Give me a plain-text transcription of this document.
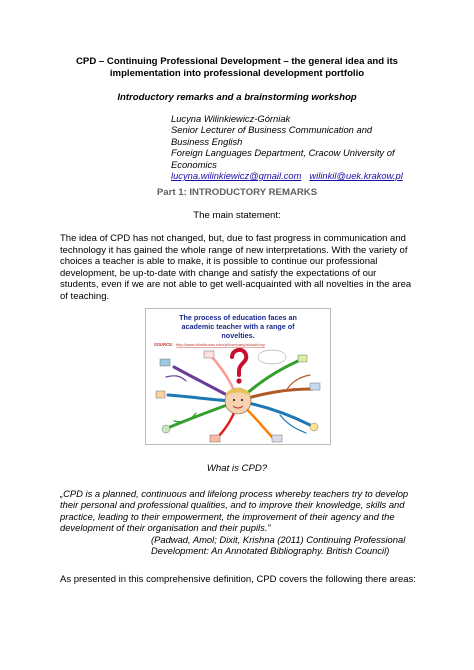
CPD – Continuing Professional Development – the general idea and its implementation into professional development portfolio
Introductory remarks and a brainstorming workshop
Lucyna Wilinkiewicz-Górniak
Senior Lecturer of Business Communication and Business English
Foreign Languages Department, Cracow University of Economics
lucyna.wilinkiewicz@gmail.com wilinkil@uek.krakow.pl
Part 1: INTRODUCTORY REMARKS
The main statement:
The idea of CPD has not changed, but, due to fast progress in communication and technology it has gained the whole range of new interpretations. With the variety of choices a teacher is able to make, it is possible to continue our professional development, be up-to-date with change and satisfy the expectations of our students, even if we are not able to get well-acquainted with all novelties in the area of teaching.
The process of education faces an
academic teacher with a range of
novelties.
SOURCE: http://www.thinkbuzan.com/pl/company/about/tony
What is CPD?
„CPD is a planned, continuous and lifelong process whereby teachers try to develop their personal and professional qualities, and to improve their knowledge, skills and practice, leading to their empowerment, the improvement of their agency and the development of their organisation and their pupils.”
(Padwad, Amol; Dixit, Krishna (2011) Continuing Professional Development: An Annotated Bibliography. British Council)
As presented in this comprehensive definition, CPD covers the following there areas:
